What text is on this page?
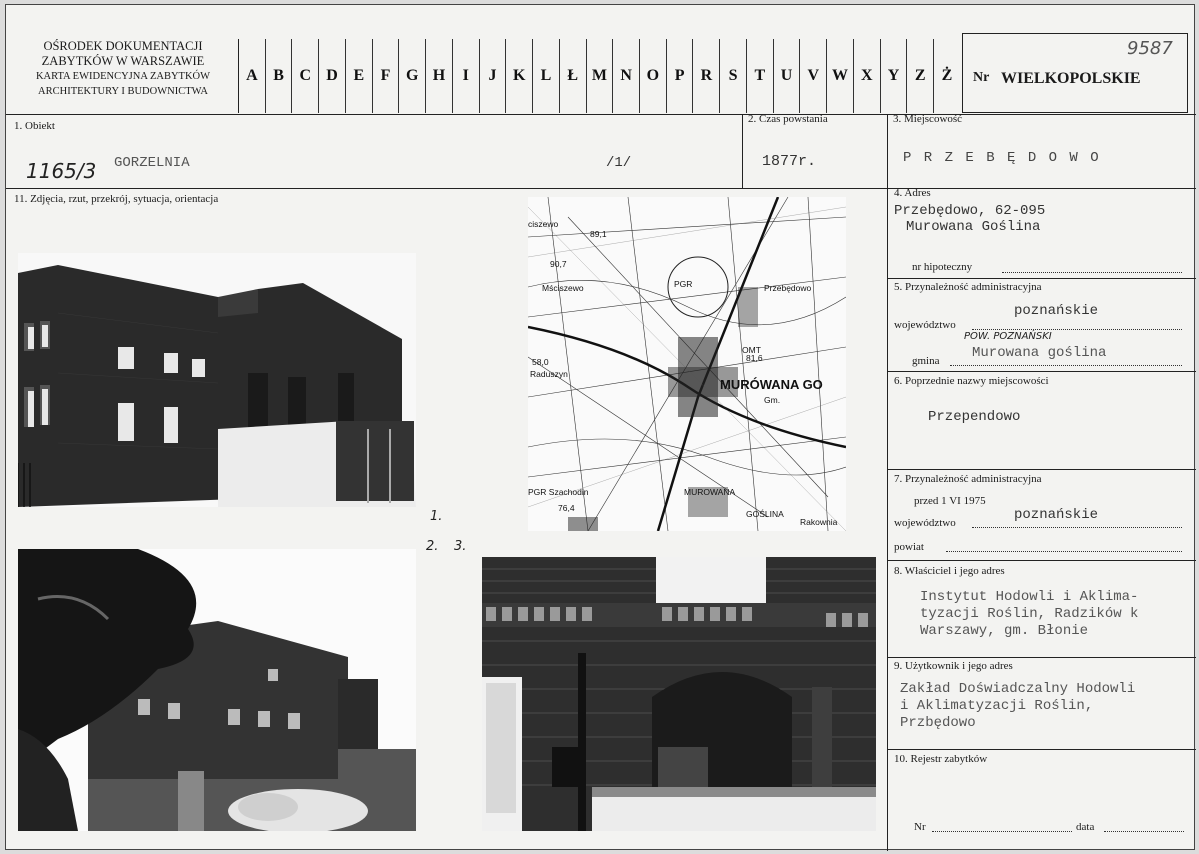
OŚRODEK DOKUMENTACJI
ZABYTKÓW W WARSZAWIE
KARTA EWIDENCYJNA ZABYTKÓW
ARCHITEKTURY I BUDOWNICTWA
A B C D E	F G H	I	J	K L	Ł M N O P	R	S	T U V W X Y Z	Ż	Nr WIELKOPOLSKIE
9587
1. Obiekt
GORZELNIA	/1/
1165/3
2. Czas powstania
1877r.
3. Miejscowość
P R Z E B Ę D O W O
11. Zdjęcia, rzut, przekrój, sytuacja, orientacja
ciszewo
89,1
90,7
Mściszewo	Przebędowo
PGR
OMT
81,6
58,0
Raduszyn
MURÓWANA GO
Gm.
PGR Szachodin
76,4
MUROWANA
GOŚLINA
Rakownia
1.
2. 3.
4. Adres
Przebędowo, 62-095
Murowana Goślina
nr hipoteczny
5. Przynależność administracyjna
województwo
poznańskie
POW. POZNAŃSKI
gmina Murowana goślina
6. Poprzednie nazwy miejscowości
Przependowo
7. Przynależność administracyjna
przed 1 VI 1975
województwo	poznańskie
powiat
8. Właściciel i jego adres
Instytut Hodowli i Aklima-
tyzacji Roślin, Radzików k
Warszawy, gm. Błonie
9. Użytkownik i jego adres
Zakład Doświadczalny Hodowli
i Aklimatyzacji Roślin,
Przbędowo
10. Rejestr zabytków
Nr	data
